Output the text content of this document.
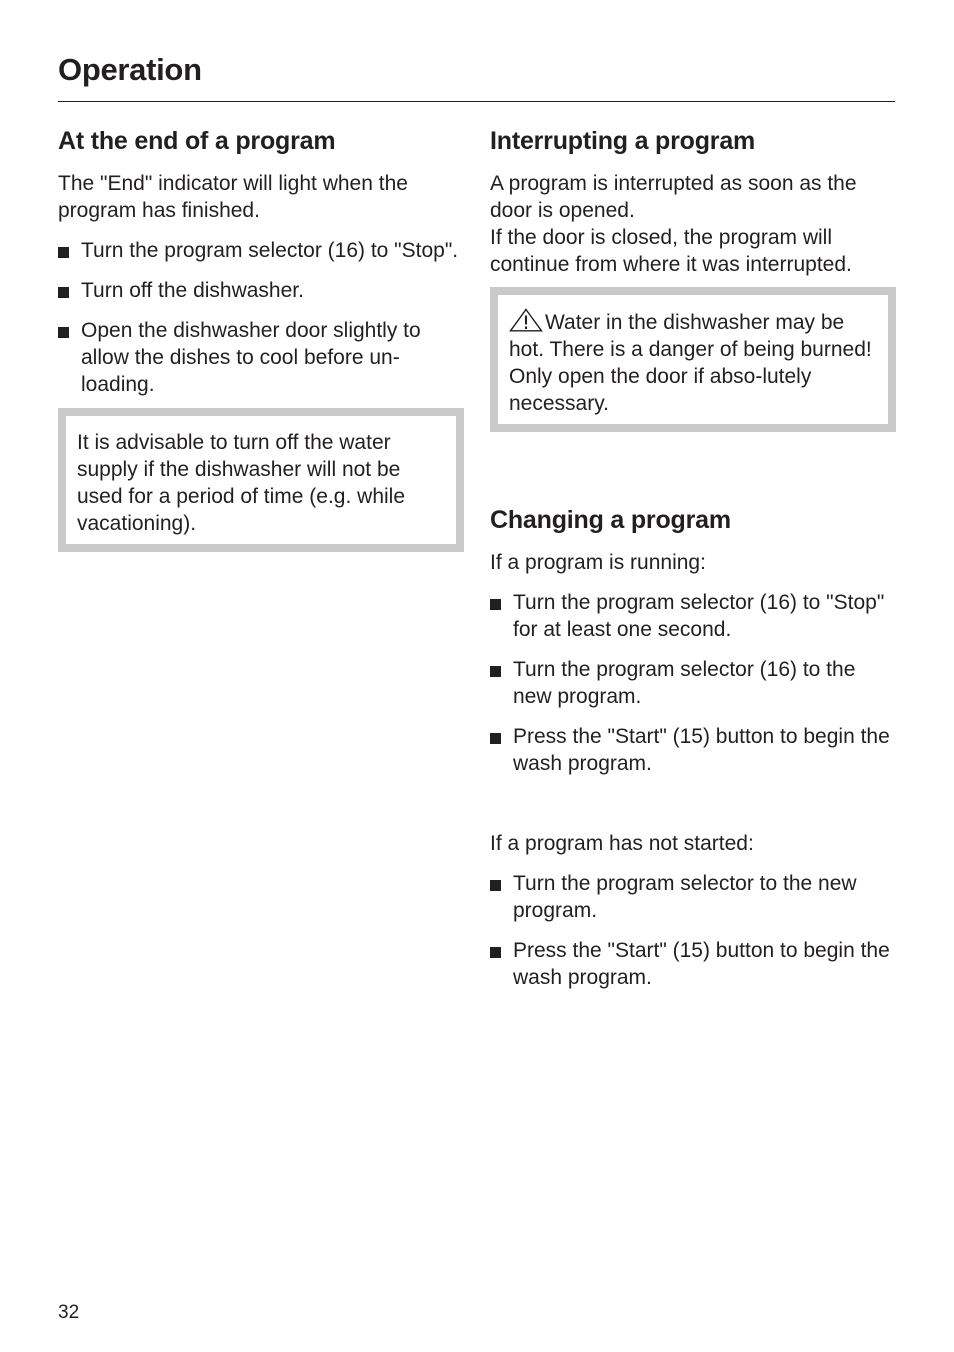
Operation
At the end of a program

The "End" indicator will light when the program has finished.

Turn the program selector (16) to "Stop".
Turn off the dishwasher.
Open the dishwasher door slightly to allow the dishes to cool before un-loading.
It is advisable to turn off the water supply if the dishwasher will not be used for a period of time (e.g. while vacationing).
Interrupting a program

A program is interrupted as soon as the door is opened.

If the door is closed, the program will continue from where it was interrupted.

Water in the dishwasher may be hot. There is a danger of being burned! Only open the door if abso-lutely necessary.
Changing a program

If a program is running:

Turn the program selector (16) to "Stop" for at least one second.
Turn the program selector (16) to the new program.
Press the "Start" (15) button to begin the wash program.

If a program has not started:

Turn the program selector to the new program.
Press the "Start" (15) button to begin the wash program.
32
